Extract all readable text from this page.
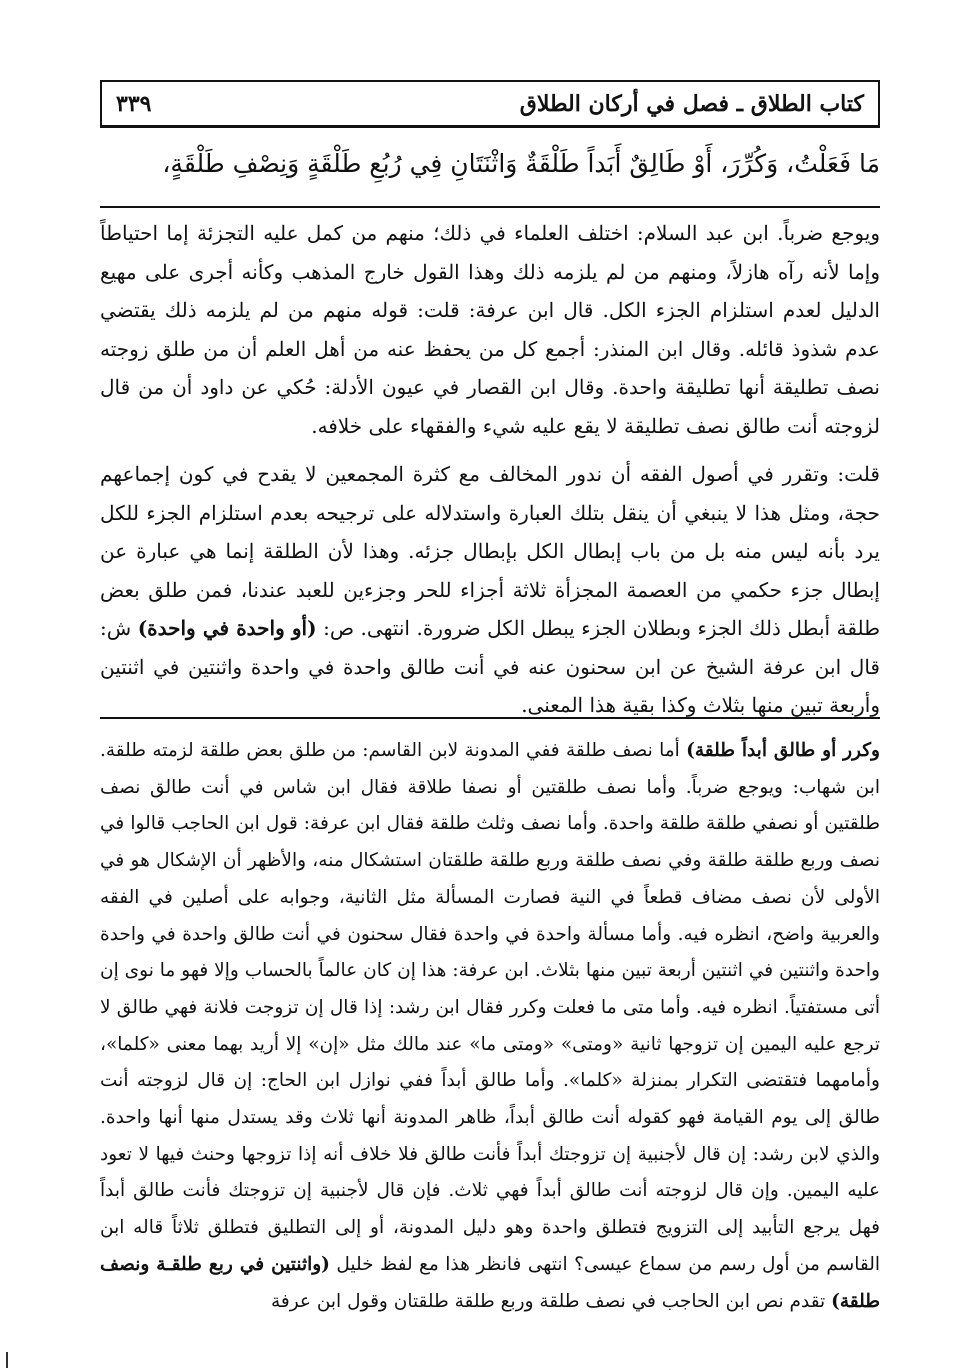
كتاب الطلاق ـ فصل في أركان الطلاق
٣٣٩
مَا فَعَلْتُ، وَكُرِّرَ، أَوْ طَالِقٌ أَبَداً طَلْقَةٌ وَاثْنَتَانِ فِي رُبُعِ طَلْقَةٍ وَنِصْفِ طَلْقَةٍ،

ويوجع ضرباً. ابن عبد السلام: اختلف العلماء في ذلك؛ منهم من كمل عليه التجزئة إما احتياطاً وإما لأنه رآه هازلاً، ومنهم من لم يلزمه ذلك وهذا القول خارج المذهب وكأنه أجرى على مهيع الدليل لعدم استلزام الجزء الكل. قال ابن عرفة: قلت: قوله منهم من لم يلزمه ذلك يقتضي عدم شذوذ قائله. وقال ابن المنذر: أجمع كل من يحفظ عنه من أهل العلم أن من طلق زوجته نصف تطليقة أنها تطليقة واحدة. وقال ابن القصار في عيون الأدلة: حُكي عن داود أن من قال لزوجته أنت طالق نصف تطليقة لا يقع عليه شيء والفقهاء على خلافه.

قلت: وتقرر في أصول الفقه أن ندور المخالف مع كثرة المجمعين لا يقدح في كون إجماعهم حجة، ومثل هذا لا ينبغي أن ينقل بتلك العبارة واستدلاله على ترجيحه بعدم استلزام الجزء للكل يرد بأنه ليس منه بل من باب إبطال الكل بإبطال جزئه. وهذا لأن الطلقة إنما هي عبارة عن إبطال جزء حكمي من العصمة المجزأة ثلاثة أجزاء للحر وجزءين للعبد عندنا، فمن طلق بعض طلقة أبطل ذلك الجزء وبطلان الجزء يبطل الكل ضرورة. انتهى. ص: (أو واحدة في واحدة) ش: قال ابن عرفة الشيخ عن ابن سحنون عنه في أنت طالق واحدة في واحدة واثنتين في اثنتين وأربعة تبين منها بثلاث وكذا بقية هذا المعنى.

وكرر أو طالق أبداً طلقة) أما نصف طلقة ففي المدونة لابن القاسم: من طلق بعض طلقة لزمته طلقة. ابن شهاب: ويوجع ضرباً. وأما نصف طلقتين أو نصفا طلاقة فقال ابن شاس في أنت طالق نصف طلقتين أو نصفي طلقة طلقة واحدة. وأما نصف وثلث طلقة فقال ابن عرفة: قول ابن الحاجب قالوا في نصف وربع طلقة طلقة وفي نصف طلقة وربع طلقة طلقتان استشكال منه، والأظهر أن الإشكال هو في الأولى لأن نصف مضاف قطعاً في النية فصارت المسألة مثل الثانية، وجوابه على أصلين في الفقه والعربية واضح، انظره فيه. وأما مسألة واحدة في واحدة فقال سحنون في أنت طالق واحدة في واحدة واحدة واثنتين في اثنتين أربعة تبين منها بثلاث. ابن عرفة: هذا إن كان عالماً بالحساب وإلا فهو ما نوى إن أتى مستفتياً. انظره فيه. وأما متى ما فعلت وكرر فقال ابن رشد: إذا قال إن تزوجت فلانة فهي طالق لا ترجع عليه اليمين إن تزوجها ثانية «ومتى» «ومتى ما» عند مالك مثل «إن» إلا أريد بهما معنى «كلما»، وأمامهما فتقتضى التكرار بمنزلة «كلما». وأما طالق أبداً ففي نوازل ابن الحاج: إن قال لزوجته أنت طالق إلى يوم القيامة فهو كقوله أنت طالق أبداً، ظاهر المدونة أنها ثلاث وقد يستدل منها أنها واحدة. والذي لابن رشد: إن قال لأجنبية إن تزوجتك أبداً فأنت طالق فلا خلاف أنه إذا تزوجها وحنث فيها لا تعود عليه اليمين. وإن قال لزوجته أنت طالق أبداً فهي ثلاث. فإن قال لأجنبية إن تزوجتك فأنت طالق أبداً فهل يرجع التأبيد إلى التزويج فتطلق واحدة وهو دليل المدونة، أو إلى التطليق فتطلق ثلاثاً قاله ابن القاسم من أول رسم من سماع عيسى؟ انتهى فانظر هذا مع لفظ خليل (واثنتين في ربع طلقـة ونصف طلقة) تقدم نص ابن الحاجب في نصف طلقة وربع طلقة طلقتان وقول ابن عرفة
